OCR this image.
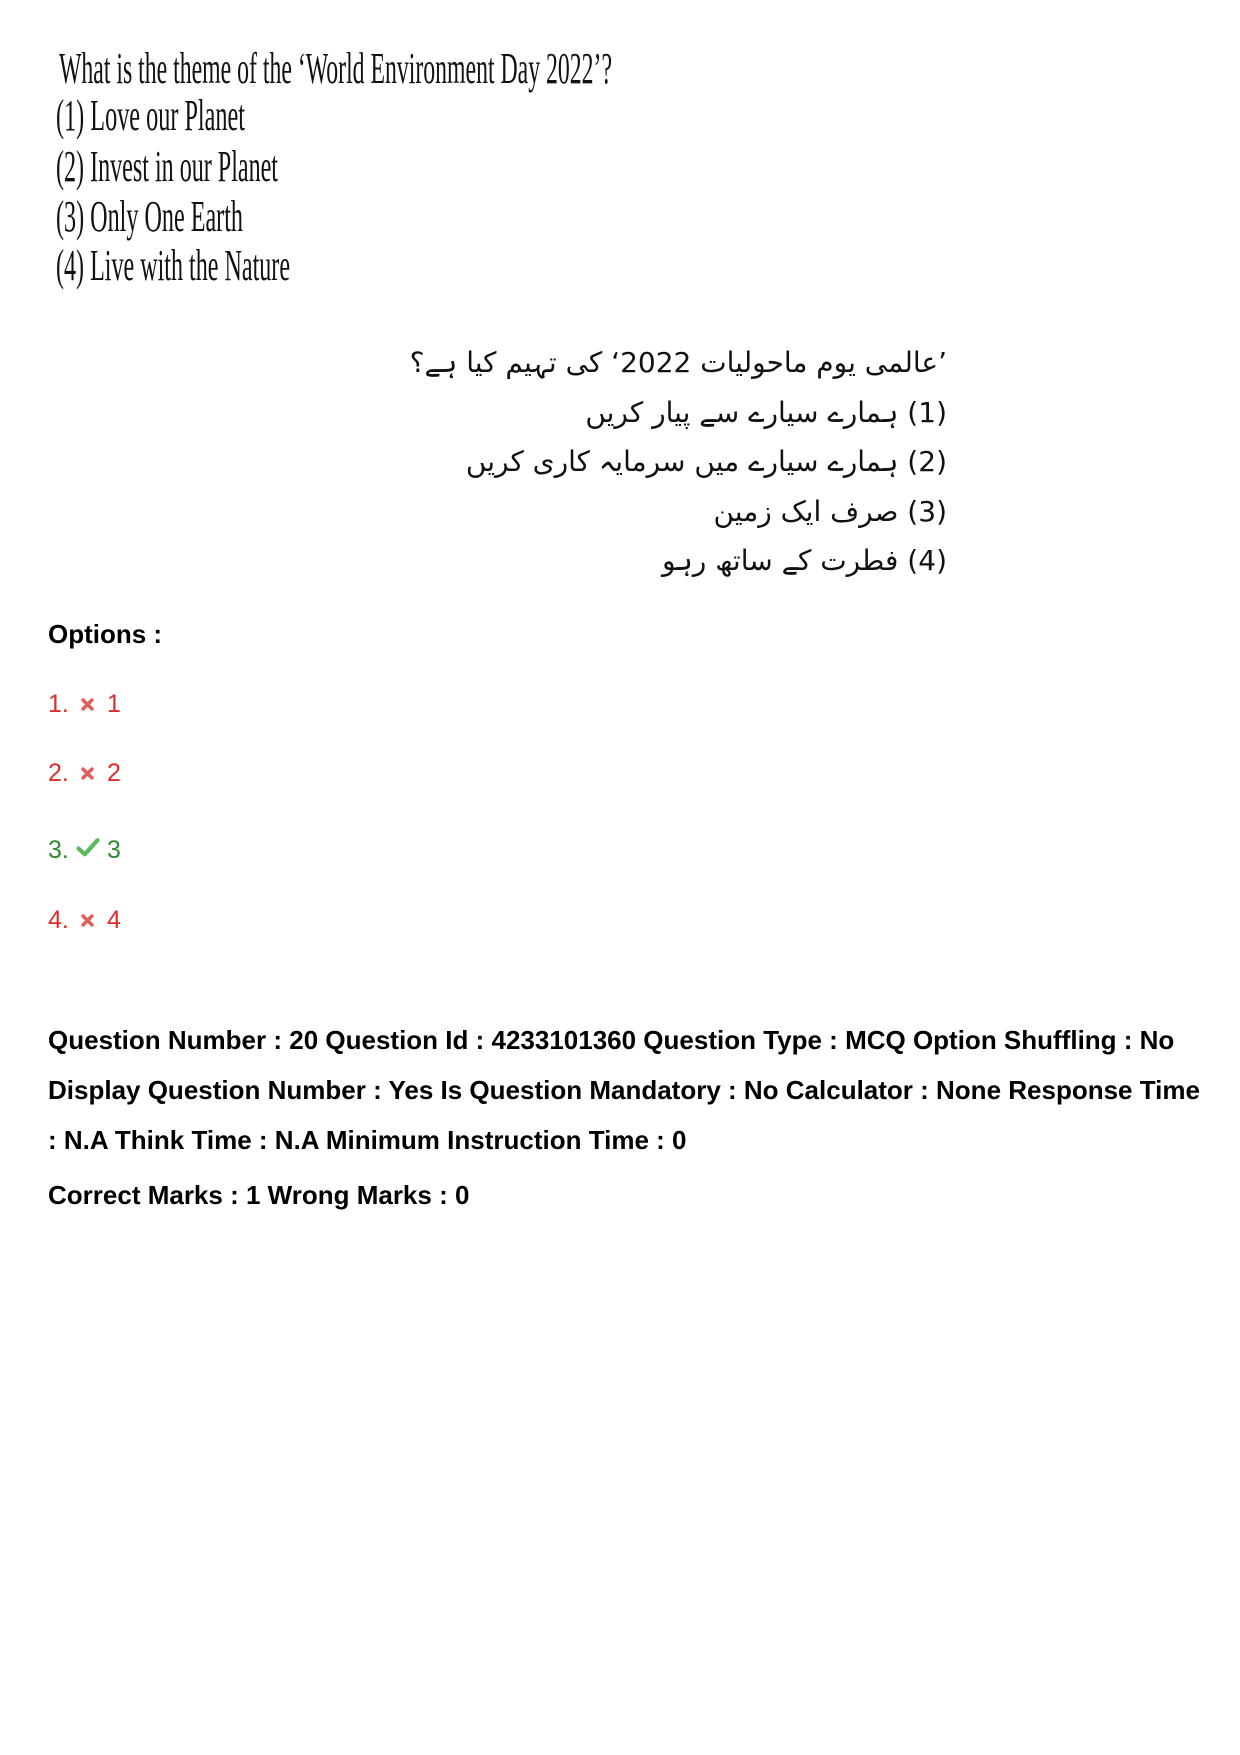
What is the theme of the ‘World Environment Day 2022’?
(1) Love our Planet
(2) Invest in our Planet
(3) Only One Earth
(4) Live with the Nature
’عالمی یوم ماحولیات 2022‘ کی تہیم کیا ہے؟
(1) ہمارے سیارے سے پیار کریں
(2) ہمارے سیارے میں سرمایہ کاری کریں
(3) صرف ایک زمین
(4) فطرت کے ساتھ رہو
Options :
1. 1
2. 2
3. 3
4. 4
Question Number : 20 Question Id : 4233101360 Question Type : MCQ Option Shuffling : No
Display Question Number : Yes Is Question Mandatory : No Calculator : None Response Time
: N.A Think Time : N.A Minimum Instruction Time : 0
Correct Marks : 1 Wrong Marks : 0
